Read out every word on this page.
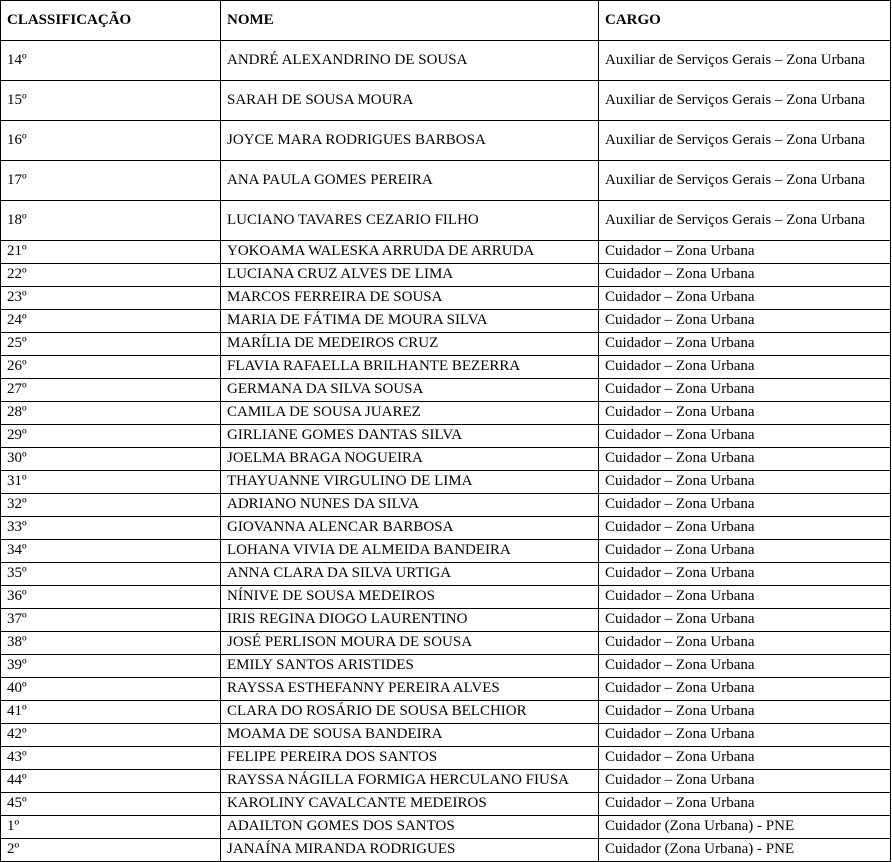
CLASSIFICAÇÃO	NOME	CARGO
14º	ANDRÉ ALEXANDRINO DE SOUSA	Auxiliar de Serviços Gerais – Zona Urbana
15º	SARAH DE SOUSA MOURA	Auxiliar de Serviços Gerais – Zona Urbana
16º	JOYCE MARA RODRIGUES BARBOSA	Auxiliar de Serviços Gerais – Zona Urbana
17º	ANA PAULA GOMES PEREIRA	Auxiliar de Serviços Gerais – Zona Urbana
18º	LUCIANO TAVARES CEZARIO FILHO	Auxiliar de Serviços Gerais – Zona Urbana
21º	YOKOAMA WALESKA ARRUDA DE ARRUDA	Cuidador – Zona Urbana
22º	LUCIANA CRUZ ALVES DE LIMA	Cuidador – Zona Urbana
23º	MARCOS FERREIRA DE SOUSA	Cuidador – Zona Urbana
24º	MARIA DE FÁTIMA DE MOURA SILVA	Cuidador – Zona Urbana
25º	MARÍLIA DE MEDEIROS CRUZ	Cuidador – Zona Urbana
26º	FLAVIA RAFAELLA BRILHANTE BEZERRA	Cuidador – Zona Urbana
27º	GERMANA DA SILVA SOUSA	Cuidador – Zona Urbana
28º	CAMILA DE SOUSA JUAREZ	Cuidador – Zona Urbana
29º	GIRLIANE GOMES DANTAS SILVA	Cuidador – Zona Urbana
30º	JOELMA BRAGA NOGUEIRA	Cuidador – Zona Urbana
31º	THAYUANNE VIRGULINO DE LIMA	Cuidador – Zona Urbana
32º	ADRIANO NUNES DA SILVA	Cuidador – Zona Urbana
33º	GIOVANNA ALENCAR BARBOSA	Cuidador – Zona Urbana
34º	LOHANA VIVIA DE ALMEIDA BANDEIRA	Cuidador – Zona Urbana
35º	ANNA CLARA DA SILVA URTIGA	Cuidador – Zona Urbana
36º	NÍNIVE DE SOUSA MEDEIROS	Cuidador – Zona Urbana
37º	IRIS REGINA DIOGO LAURENTINO	Cuidador – Zona Urbana
38º	JOSÉ PERLISON MOURA DE SOUSA	Cuidador – Zona Urbana
39º	EMILY SANTOS ARISTIDES	Cuidador – Zona Urbana
40º	RAYSSA ESTHEFANNY PEREIRA ALVES	Cuidador – Zona Urbana
41º	CLARA DO ROSÁRIO DE SOUSA BELCHIOR	Cuidador – Zona Urbana
42º	MOAMA DE SOUSA BANDEIRA	Cuidador – Zona Urbana
43º	FELIPE PEREIRA DOS SANTOS	Cuidador – Zona Urbana
44º	RAYSSA NÁGILLA FORMIGA HERCULANO FIUSA	Cuidador – Zona Urbana
45º	KAROLINY CAVALCANTE MEDEIROS	Cuidador – Zona Urbana
1º	ADAILTON GOMES DOS SANTOS	Cuidador (Zona Urbana) - PNE
2º	JANAÍNA MIRANDA RODRIGUES	Cuidador (Zona Urbana) - PNE
